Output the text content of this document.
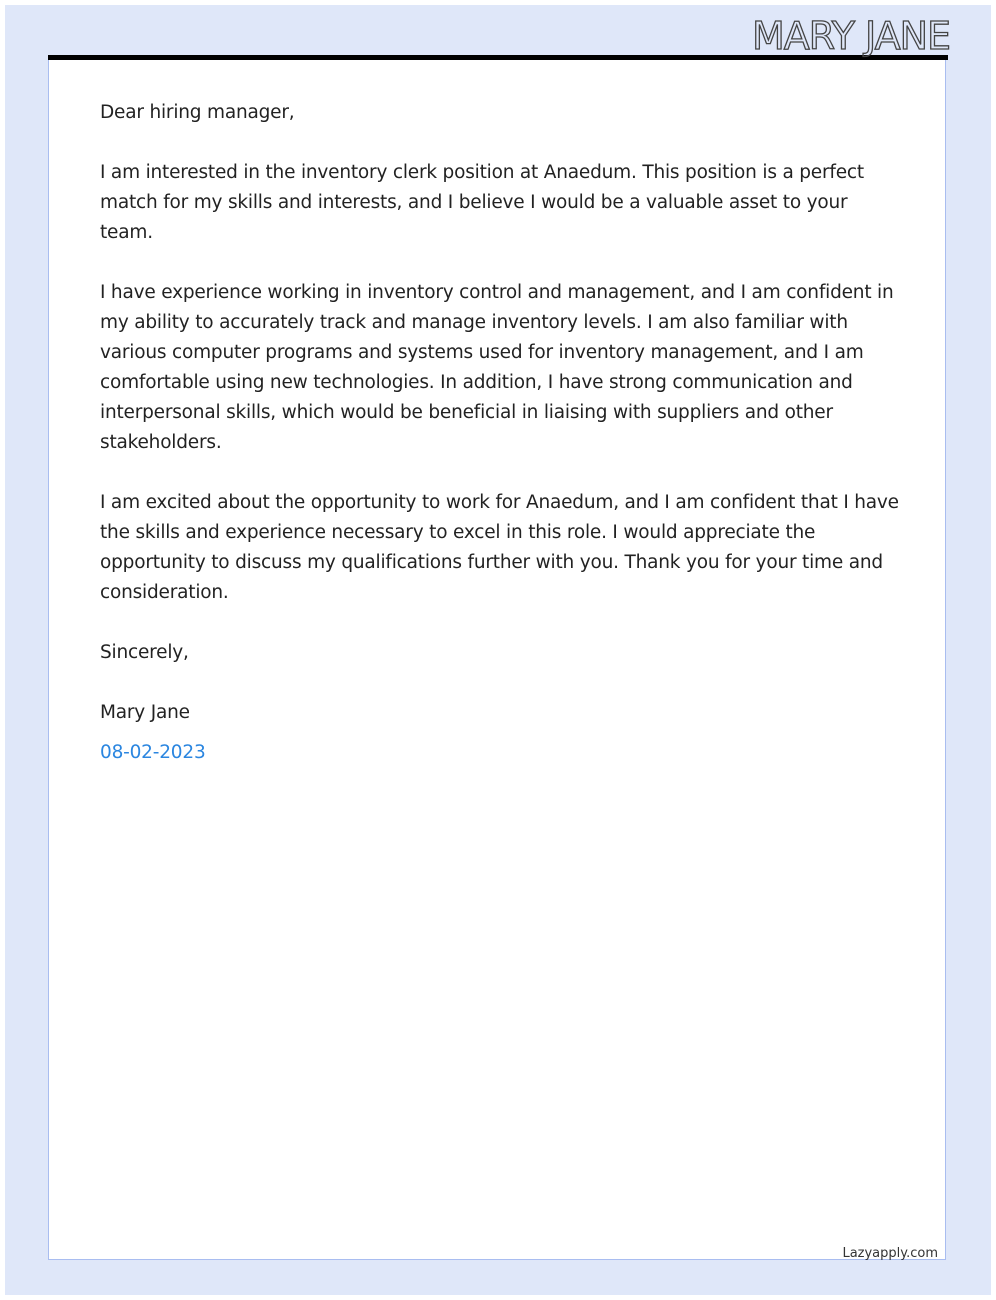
MARY JANE

Dear hiring manager,

I am interested in the inventory clerk position at Anaedum. This position is a perfect match for my skills and interests, and I believe I would be a valuable asset to your team.

I have experience working in inventory control and management, and I am confident in my ability to accurately track and manage inventory levels. I am also familiar with various computer programs and systems used for inventory management, and I am comfortable using new technologies. In addition, I have strong communication and interpersonal skills, which would be beneficial in liaising with suppliers and other stakeholders.

I am excited about the opportunity to work for Anaedum, and I am confident that I have the skills and experience necessary to excel in this role. I would appreciate the opportunity to discuss my qualifications further with you. Thank you for your time and consideration.

Sincerely,

Mary Jane

08-02-2023
Lazyapply.com
